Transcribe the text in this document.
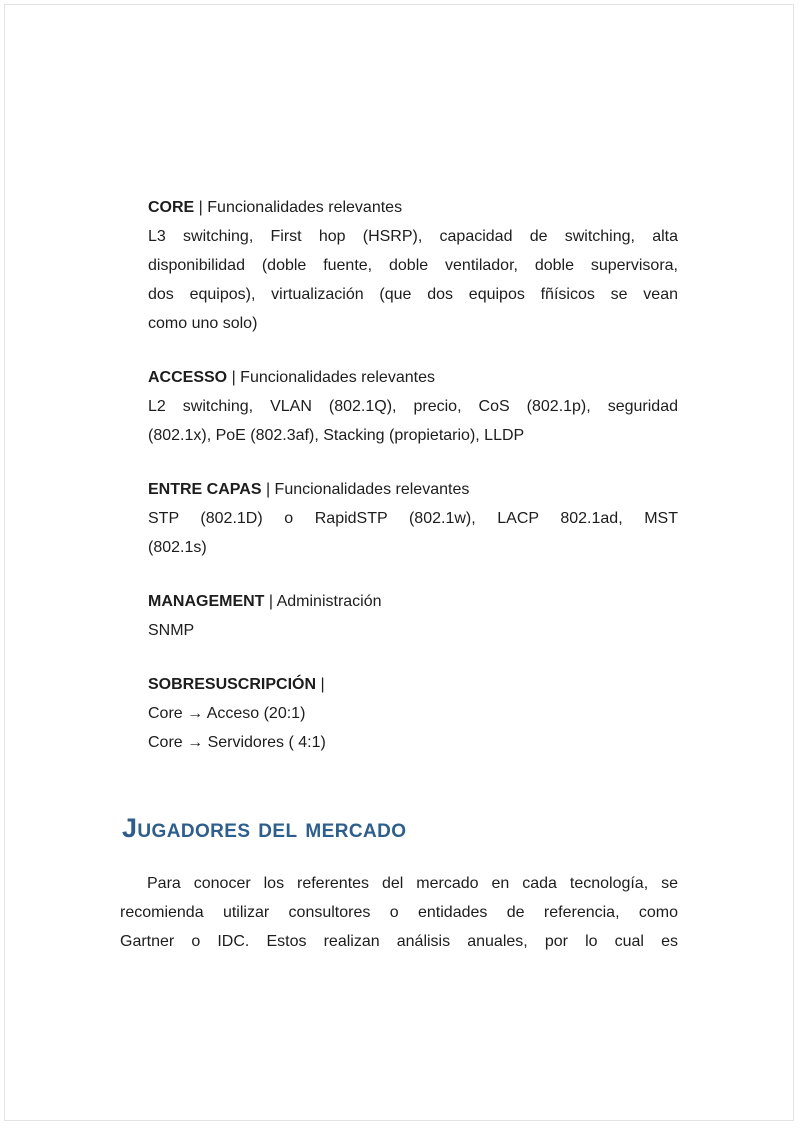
CORE | Funcionalidades relevantes
L3 switching, First hop (HSRP), capacidad de switching, alta
disponibilidad (doble fuente, doble ventilador, doble supervisora,
dos equipos), virtualización (que dos equipos fñísicos se vean
como uno solo)
ACCESSO | Funcionalidades relevantes
L2 switching, VLAN (802.1Q), precio, CoS (802.1p), seguridad
(802.1x), PoE (802.3af), Stacking (propietario), LLDP
ENTRE CAPAS | Funcionalidades relevantes
STP (802.1D) o RapidSTP (802.1w), LACP 802.1ad, MST
(802.1s)
MANAGEMENT | Administración
SNMP
SOBRESUSCRIPCIÓN |
Core → Acceso (20:1)
Core → Servidores ( 4:1)
Jugadores del mercado
Para conocer los referentes del mercado en cada tecnología, se
recomienda utilizar consultores o entidades de referencia, como
Gartner o IDC. Estos realizan análisis anuales, por lo cual es
